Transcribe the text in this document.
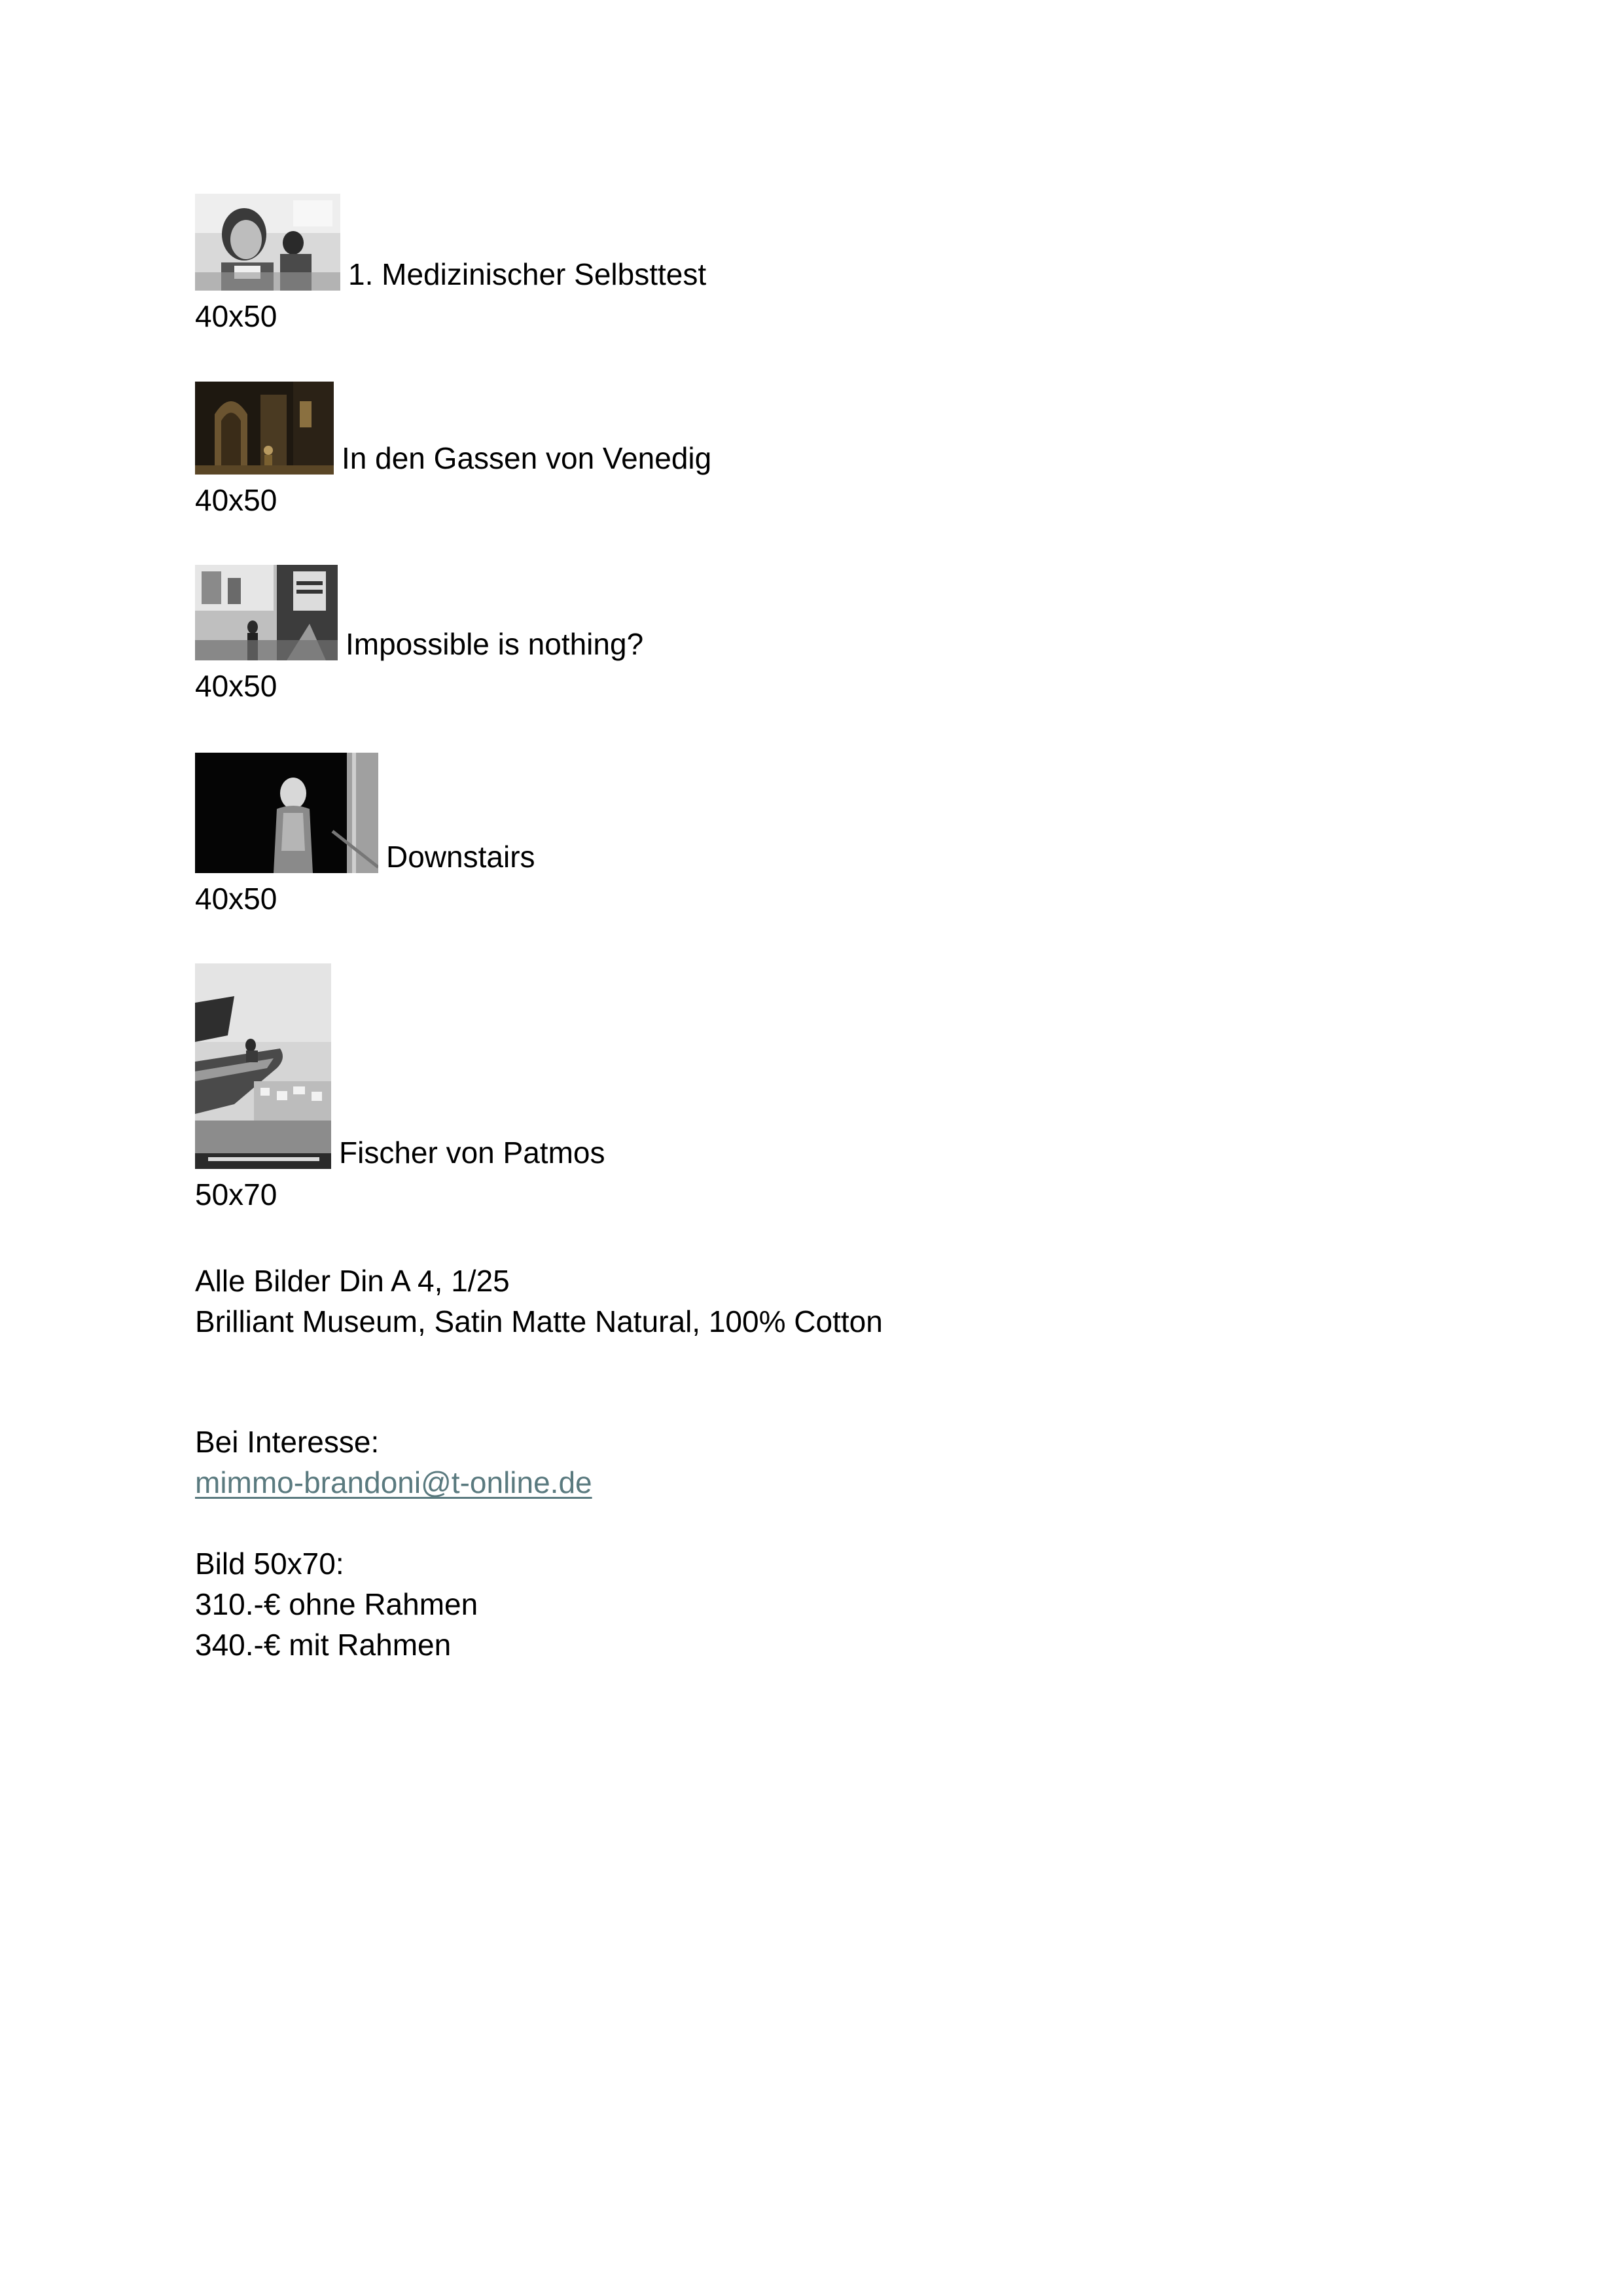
1. Medizinischer Selbsttest
40x50
In den Gassen von Venedig
40x50
Impossible is nothing?
40x50
Downstairs
40x50
Fischer von Patmos
50x70
Alle Bilder Din A 4, 1/25
Brilliant Museum, Satin Matte Natural, 100% Cotton
Bei Interesse:
mimmo-brandoni@t-online.de
Bild 50x70:
310.-€ ohne Rahmen
340.-€ mit Rahmen
